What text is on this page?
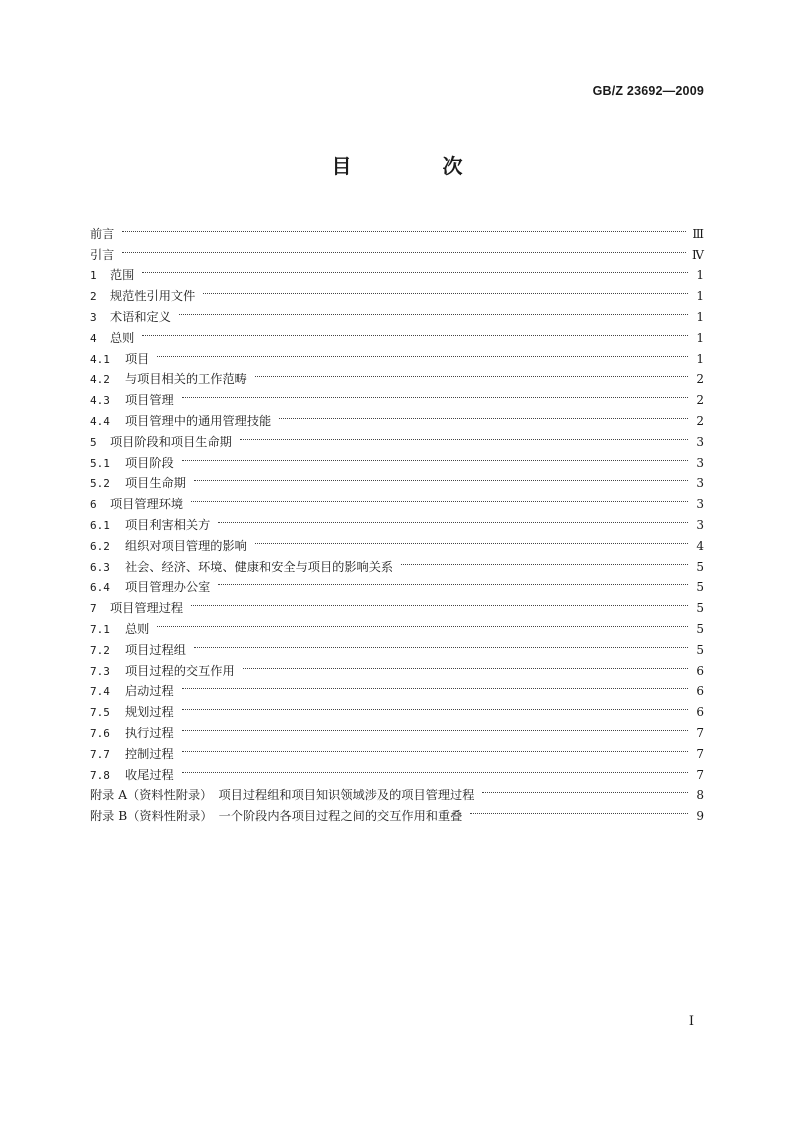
GB/Z 23692—2009
目 次
前言	Ⅲ
引言	Ⅳ
1	范围	1
2	规范性引用文件	1
3	术语和定义	1
4	总则	1
4.1	项目	1
4.2	与项目相关的工作范畴	2
4.3	项目管理	2
4.4	项目管理中的通用管理技能	2
5	项目阶段和项目生命期	3
5.1	项目阶段	3
5.2	项目生命期	3
6	项目管理环境	3
6.1	项目利害相关方	3
6.2	组织对项目管理的影响	4
6.3	社会、经济、环境、健康和安全与项目的影响关系	5
6.4	项目管理办公室	5
7	项目管理过程	5
7.1	总则	5
7.2	项目过程组	5
7.3	项目过程的交互作用	6
7.4	启动过程	6
7.5	规划过程	6
7.6	执行过程	7
7.7	控制过程	7
7.8	收尾过程	7
附录 A（资料性附录）　项目过程组和项目知识领域涉及的项目管理过程	8
附录 B（资料性附录）　一个阶段内各项目过程之间的交互作用和重叠	9
I
